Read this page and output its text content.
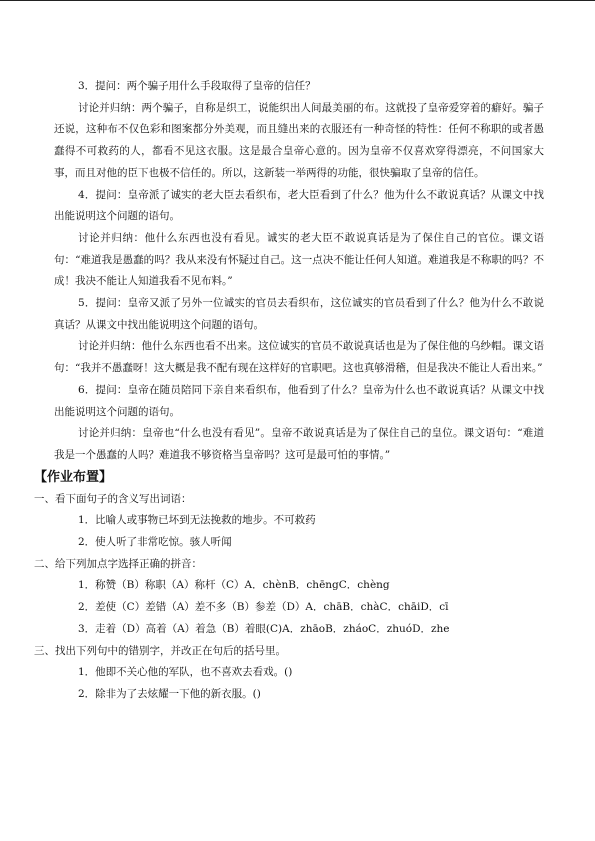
3．提问：两个骗子用什么手段取得了皇帝的信任？

讨论并归纳：两个骗子，自称是织工，说能织出人间最美丽的布。这就投了皇帝爱穿着的癖好。骗子还说，这种布不仅色彩和图案都分外美观，而且缝出来的衣服还有一种奇怪的特性：任何不称职的或者愚蠢得不可救药的人，都看不见这衣服。这是最合皇帝心意的。因为皇帝不仅喜欢穿得漂亮，不问国家大事，而且对他的臣下也极不信任的。所以，这新装一举两得的功能，很快骗取了皇帝的信任。

4．提问：皇帝派了诚实的老大臣去看织布，老大臣看到了什么？他为什么不敢说真话？从课文中找出能说明这个问题的语句。

讨论并归纳：他什么东西也没有看见。诚实的老大臣不敢说真话是为了保住自己的官位。课文语句：“难道我是愚蠢的吗？我从来没有怀疑过自己。这一点决不能让任何人知道。难道我是不称职的吗？不成！我决不能让人知道我看不见布料。”

5．提问：皇帝又派了另外一位诚实的官员去看织布，这位诚实的官员看到了什么？他为什么不敢说真话？从课文中找出能说明这个问题的语句。

讨论并归纳：他什么东西也看不出来。这位诚实的官员不敢说真话也是为了保住他的乌纱帽。课文语句：“我并不愚蠢呀！这大概是我不配有现在这样好的官职吧。这也真够滑稽，但是我决不能让人看出来。”

6．提问：皇帝在随员陪同下亲自来看织布，他看到了什么？皇帝为什么也不敢说真话？从课文中找出能说明这个问题的语句。

讨论并归纳：皇帝也“什么也没有看见”。皇帝不敢说真话是为了保住自己的皇位。课文语句：“难道我是一个愚蠢的人吗？难道我不够资格当皇帝吗？这可是最可怕的事情。”

【作业布置】

一、看下面句子的含义写出词语：

1．比喻人或事物已坏到无法挽救的地步。不可救药

2．使人听了非常吃惊。骇人听闻

二、给下列加点字选择正确的拼音：

1．称赞（B）称职（A）称杆（C）A．chènB．chēngC．chèng

2．差使（C）差错（A）差不多（B）参差（D）A．chāB．chàC．chāiD．cī

3．走着（D）高着（A）着急（B）着眼(C)A．zhāoB．zháoC．zhuóD．zhe

三、找出下列句中的错别字，并改正在句后的括号里。

1．他即不关心他的军队，也不喜欢去看戏。()

2．除非为了去炫耀一下他的新衣服。()
